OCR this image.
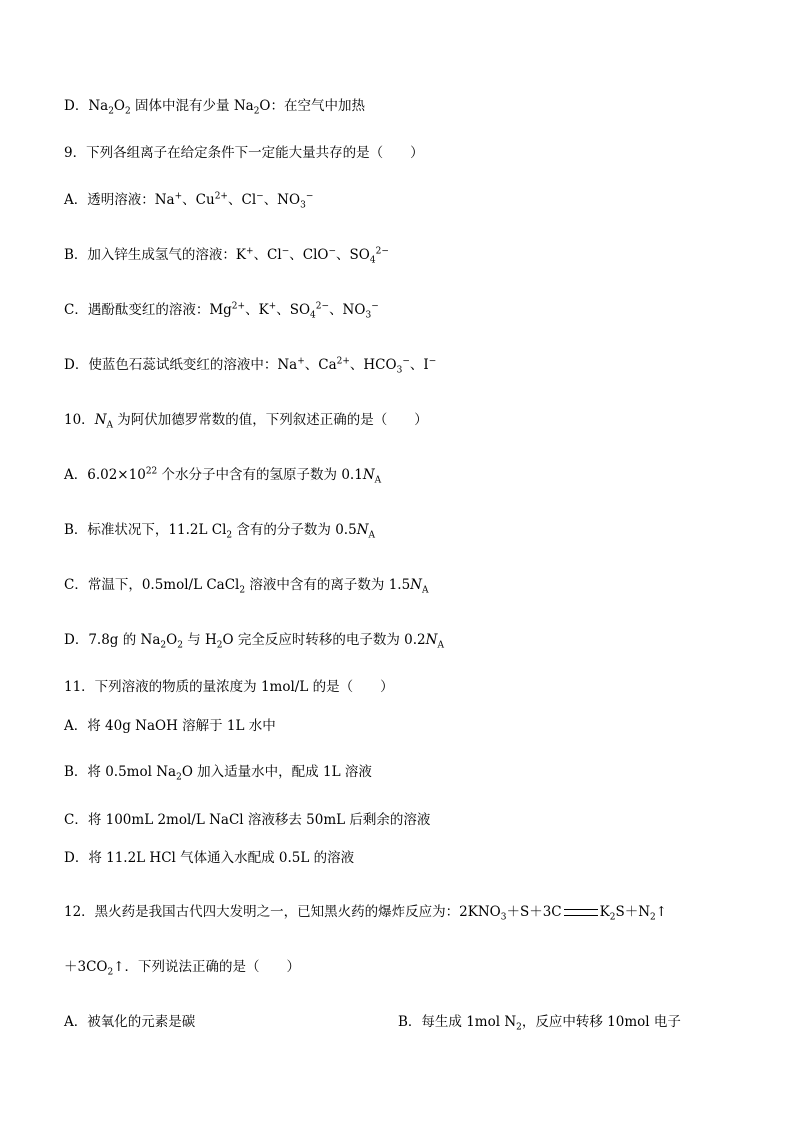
D．$Na_2O_2$ 固体中混有少量 $Na_2O$：在空气中加热
9．下列各组离子在给定条件下一定能大量共存的是（　　）
A．透明溶液：Na+、$Cu^{2+}$、Cl−、$NO_3^-$
B．加入锌生成氢气的溶液：K+、Cl−、ClO−、$SO_4^{2-}$
C．遇酚酞变红的溶液：$Mg^{2+}$、K+、$SO_4^{2-}$、$NO_3^-$
D．使蓝色石蕊试纸变红的溶液中：Na+、$Ca^{2+}$、$HCO_3^-$、I−
10．$N_A$ 为阿伏加德罗常数的值，下列叙述正确的是（　　）
A．$6.02\times 10^{22}$ 个水分子中含有的氢原子数为 $0.1N_A$
B．标准状况下，11.2L $Cl_2$ 含有的分子数为 $0.5N_A$
C．常温下，0.5mol/L CaCl$_2$ 溶液中含有的离子数为 $1.5N_A$
D．7.8g 的 $Na_2O_2$ 与 $H_2O$ 完全反应时转移的电子数为 $0.2N_A$
11．下列溶液的物质的量浓度为 1mol/L 的是（　　）
A．将 40g NaOH 溶解于 1L 水中
B．将 0.5mol $Na_2O$ 加入适量水中，配成 1L 溶液
C．将 100mL 2mol/L NaCl 溶液移去 50mL 后剩余的溶液
D．将 11.2L HCl 气体通入水配成 0.5L 的溶液
12．黑火药是我国古代四大发明之一，已知黑火药的爆炸反应为：$2KNO_3+S+3C$	$K_2S+N_2↑$
$+3CO_2↑$．下列说法正确的是（　　）
A．被氧化的元素是碳	B．每生成 1mol $N_2$，反应中转移 10mol 电子
